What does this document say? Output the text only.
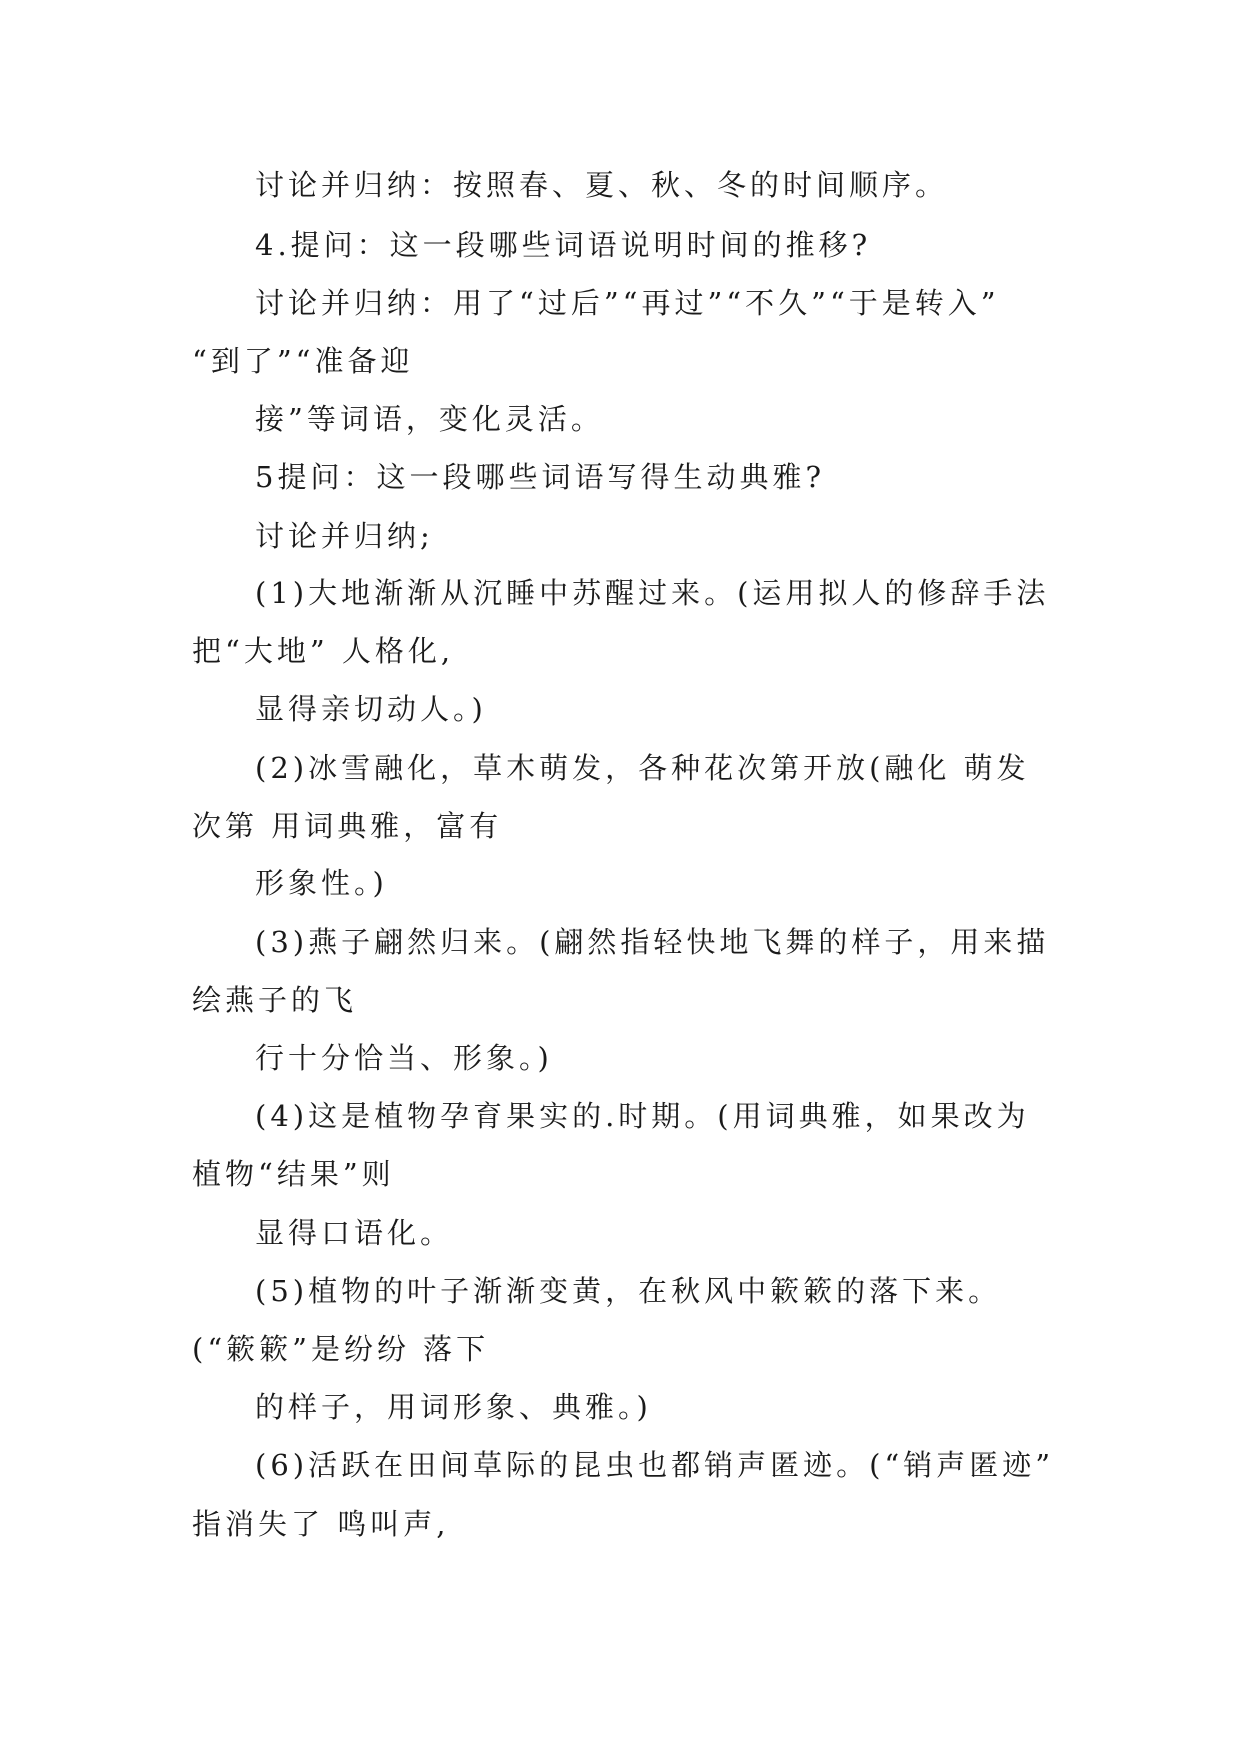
讨论并归纳：按照春、夏、秋、冬的时间顺序。
4.提问：这一段哪些词语说明时间的推移?
讨论并归纳：用了“过后”“再过”“不久”“于是转入”
“到了”“准备迎
接”等词语，变化灵活。
5提问：这一段哪些词语写得生动典雅?
讨论并归纳;
(1)大地渐渐从沉睡中苏醒过来。(运用拟人的修辞手法
把“大地” 人格化,
显得亲切动人。)
(2)冰雪融化，草木萌发，各种花次第开放(融化 萌发
次第 用词典雅，富有
形象性。)
(3)燕子翩然归来。(翩然指轻快地飞舞的样子，用来描
绘燕子的飞
行十分恰当、形象。)
(4)这是植物孕育果实的.时期。(用词典雅，如果改为
植物“结果”则
显得口语化。
(5)植物的叶子渐渐变黄，在秋风中簌簌的落下来。
(“簌簌”是纷纷 落下
的样子，用词形象、典雅。)
(6)活跃在田间草际的昆虫也都销声匿迹。(“销声匿迹”
指消失了 鸣叫声,
